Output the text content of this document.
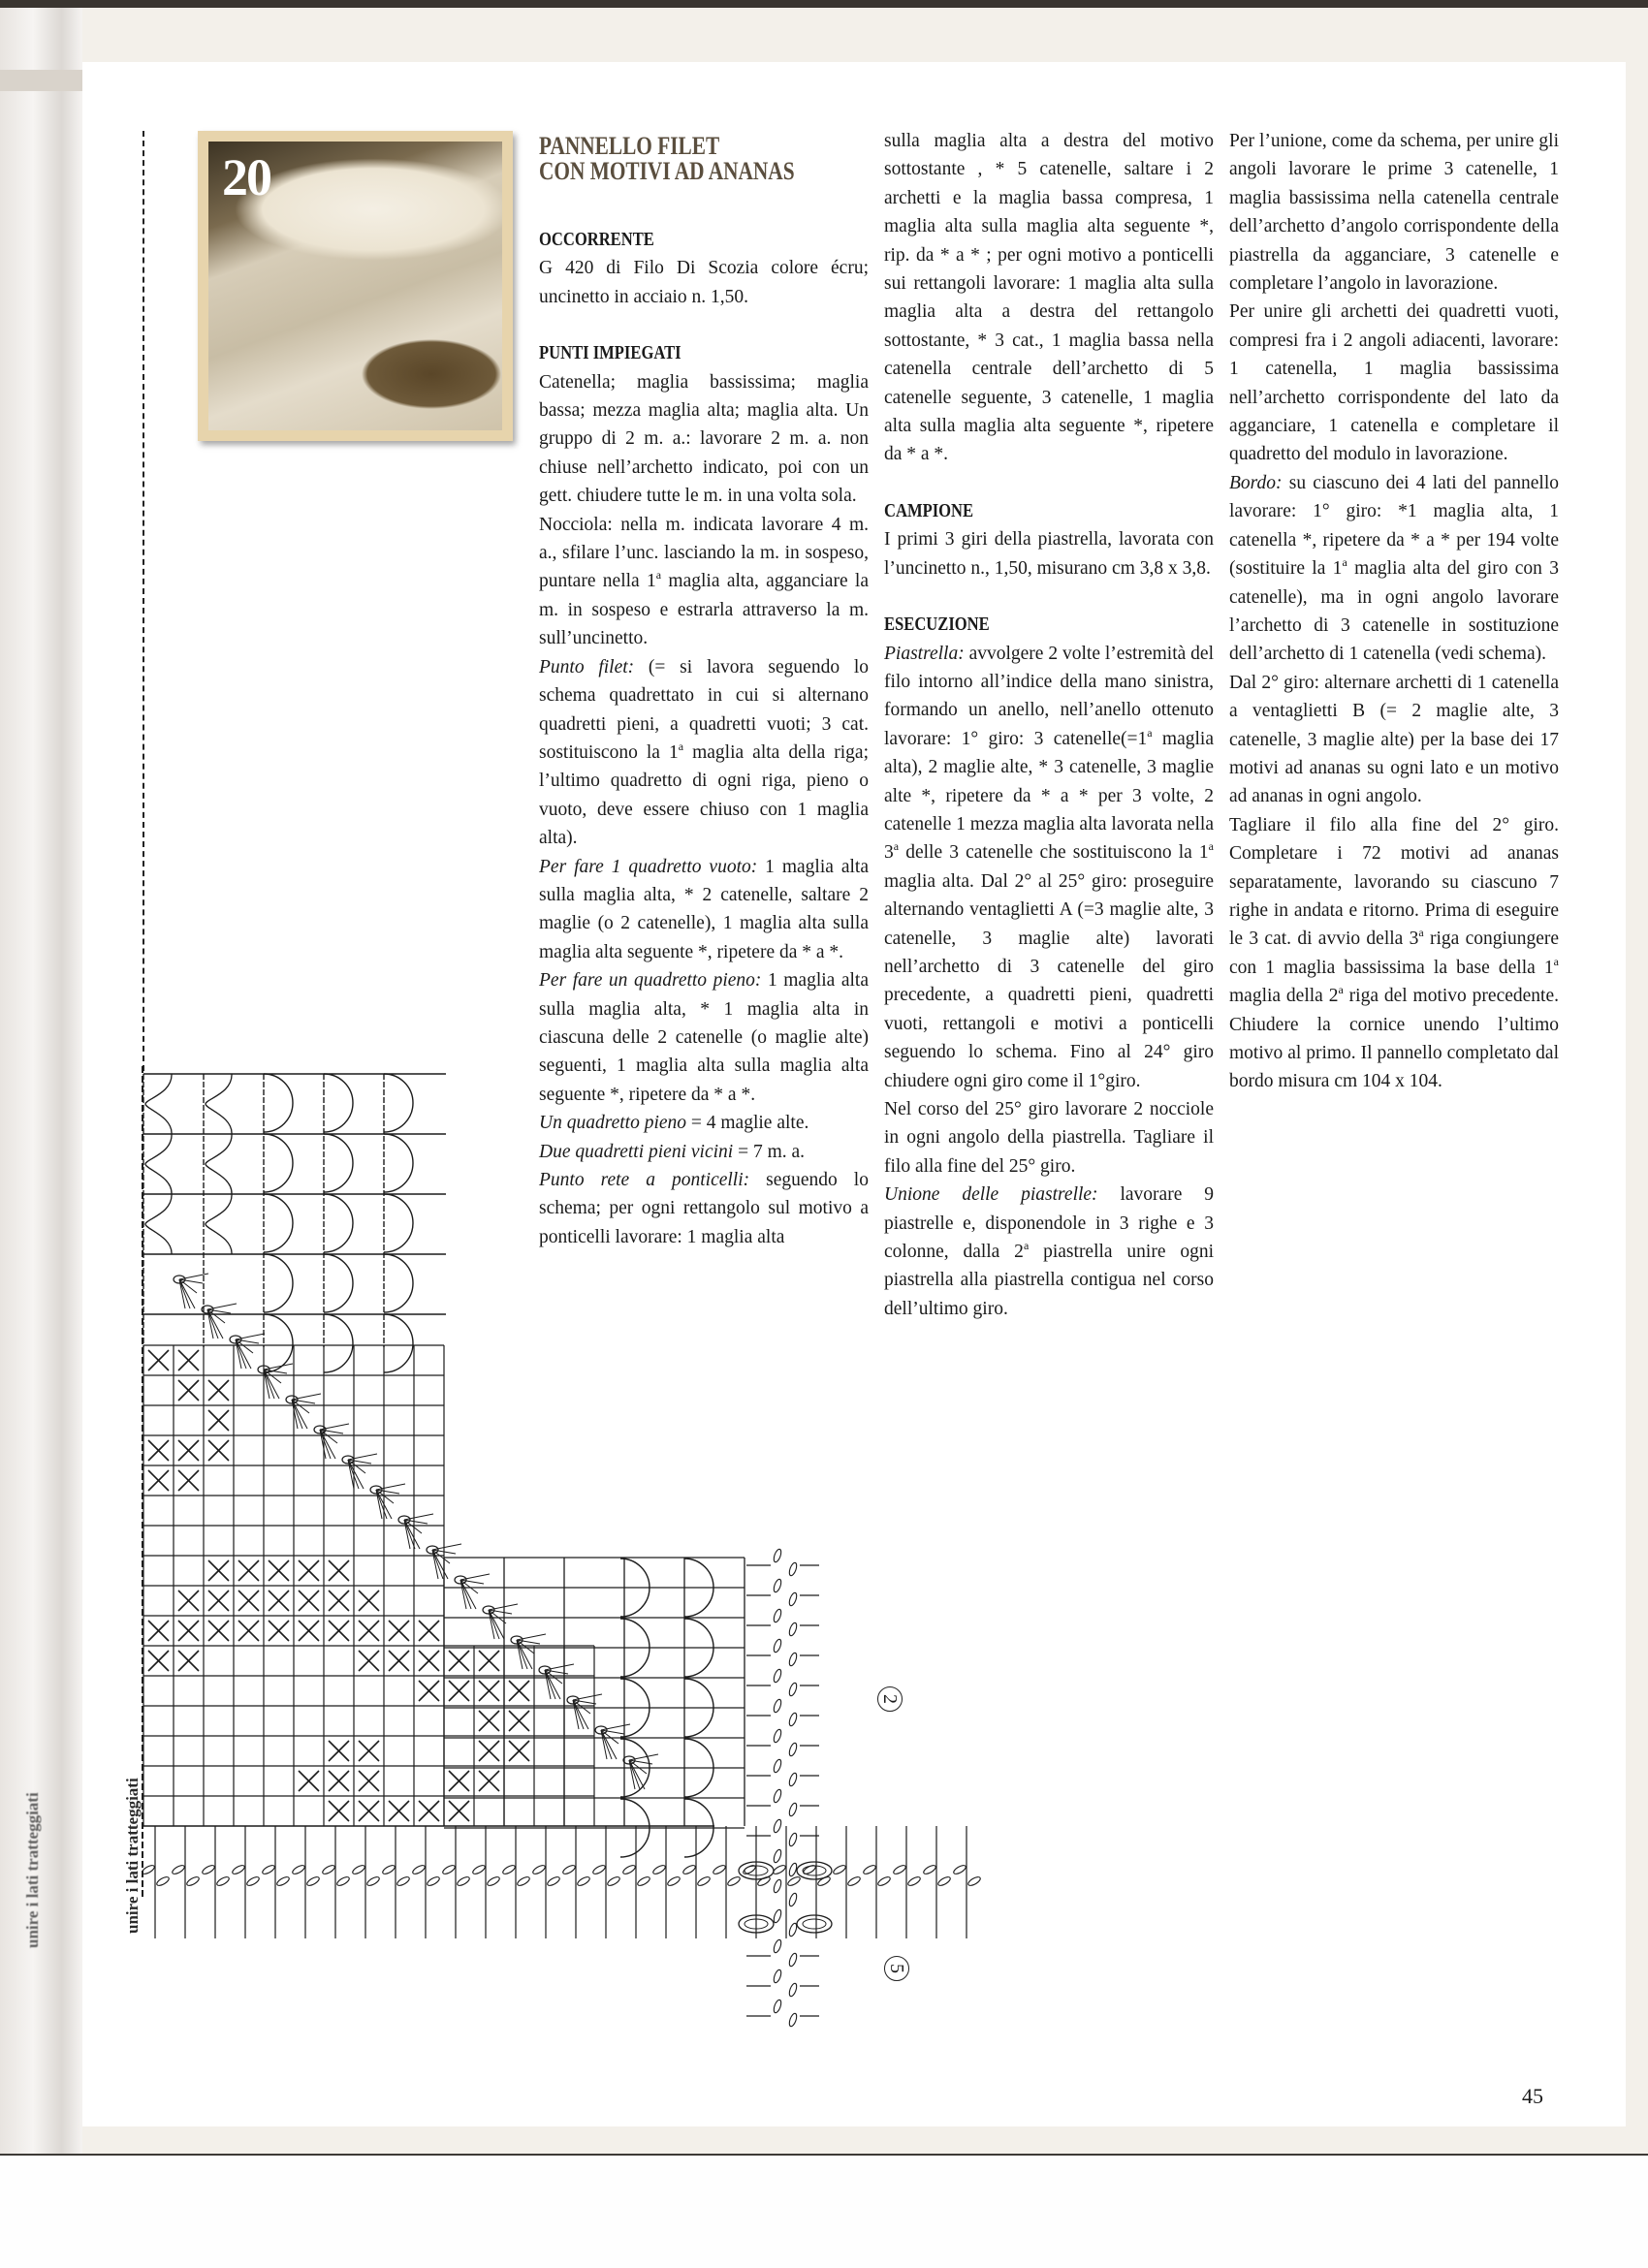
20
PANNELLO FILET
CON MOTIVI AD ANANAS
OCCORRENTE

G 420 di Filo Di Scozia colore écru; uncinetto in acciaio n. 1,50.

PUNTI IMPIEGATI

Catenella; maglia bassissima; maglia bassa; mezza maglia alta; maglia alta. Un gruppo di 2 m. a.: lavorare 2 m. a. non chiuse nell’archetto indicato, poi con un gett. chiudere tutte le m. in una volta sola.

Nocciola: nella m. indicata lavorare 4 m. a., sfilare l’unc. lasciando la m. in sospeso, puntare nella 1$^a$ maglia alta, agganciare la m. in sospeso e estrarla attraverso la m. sull’uncinetto.

Punto filet: (= si lavora seguendo lo schema quadrettato in cui si alternano quadretti pieni, a quadretti vuoti; 3 cat. sostituiscono la 1$^a$ maglia alta della riga; l’ultimo quadretto di ogni riga, pieno o vuoto, deve essere chiuso con 1 maglia alta).

Per fare 1 quadretto vuoto: 1 maglia alta sulla maglia alta, * 2 catenelle, saltare 2 maglie (o 2 catenelle), 1 maglia alta sulla maglia alta seguente *, ripetere da * a *.

Per fare un quadretto pieno: 1 maglia alta sulla maglia alta, * 1 maglia alta in ciascuna delle 2 catenelle (o maglie alte) seguenti, 1 maglia alta sulla maglia alta seguente *, ripetere da * a *.

Un quadretto pieno = 4 maglie alte.

Due quadretti pieni vicini = 7 m. a.

Punto rete a ponticelli: seguendo lo schema; per ogni rettangolo sul motivo a ponticelli lavorare: 1 maglia alta

sulla maglia alta a destra del motivo sottostante , * 5 catenelle, saltare i 2 archetti e la maglia bassa compresa, 1 maglia alta sulla maglia alta seguente *, rip. da * a * ; per ogni motivo a ponticelli sui rettangoli lavorare: 1 maglia alta sulla maglia alta a destra del rettangolo sottostante, * 3 cat., 1 maglia bassa nella catenella centrale dell’archetto di 5 catenelle seguente, 3 catenelle, 1 maglia alta sulla maglia alta seguente *, ripetere da * a *.

CAMPIONE

I primi 3 giri della piastrella, lavorata con l’uncinetto n., 1,50, misurano cm 3,8 x 3,8.

ESECUZIONE

Piastrella: avvolgere 2 volte l’estremità del filo intorno all’indice della mano sinistra, formando un anello, nell’anello ottenuto lavorare: 1° giro: 3 $catenelle(=1^a$ maglia alta), 2 maglie alte, * 3 catenelle, 3 maglie alte *, ripetere da * a * per 3 volte, 2 catenelle 1 mezza maglia alta lavorata nella 3$^a$ delle 3 catenelle che sostituiscono la 1$^a$ maglia alta. Dal 2° al 25° giro: proseguire alternando ventaglietti A (=3 maglie alte, 3 catenelle, 3 maglie alte) lavorati nell’archetto di 3 catenelle del giro precedente, a quadretti pieni, quadretti vuoti, rettangoli e motivi a ponticelli seguendo lo schema. Fino al 24° giro chiudere ogni giro come il 1°giro.

Nel corso del 25° giro lavorare 2 nocciole in ogni angolo della piastrella. Tagliare il filo alla fine del 25° giro.

Unione delle piastrelle: lavorare 9 piastrelle e, disponendole in 3 righe e 3 colonne, dalla 2$^a$ piastrella unire ogni piastrella alla piastrella contigua nel corso dell’ultimo giro.

Per l’unione, come da schema, per unire gli angoli lavorare le prime 3 catenelle, 1 maglia bassissima nella catenella centrale dell’archetto d’angolo corrispondente della piastrella da agganciare, 3 catenelle e completare l’angolo in lavorazione.

Per unire gli archetti dei quadretti vuoti, compresi fra i 2 angoli adiacenti, lavorare: 1 catenella, 1 maglia bassissima nell’archetto corrispondente del lato da agganciare, 1 catenella e completare il quadretto del modulo in lavorazione.

Bordo: su ciascuno dei 4 lati del pannello lavorare: 1° giro: *1 maglia alta, 1 catenella *, ripetere da * a * per 194 volte (sostituire la 1$^a$ maglia alta del giro con 3 catenelle), ma in ogni angolo lavorare l’archetto di 3 catenelle in sostituzione dell’archetto di 1 catenella (vedi schema).

Dal 2° giro: alternare archetti di 1 catenella a ventaglietti B (= 2 maglie alte, 3 catenelle, 3 maglie alte) per la base dei 17 motivi ad ananas su ogni lato e un motivo ad ananas in ogni angolo.

Tagliare il filo alla fine del 2° giro. Completare i 72 motivi ad ananas separatamente, lavorando su ciascuno 7 righe in andata e ritorno. Prima di eseguire le 3 cat. di avvio della 3$^a$ riga congiungere con 1 maglia bassissima la base della 1$^a$ maglia della 2$^a$ riga del motivo precedente. Chiudere la cornice unendo l’ultimo motivo al primo. Il pannello completato dal bordo misura cm 104 x 104.

2
5
unire i lati tratteggiati	unire i lati tratteggiati
45
